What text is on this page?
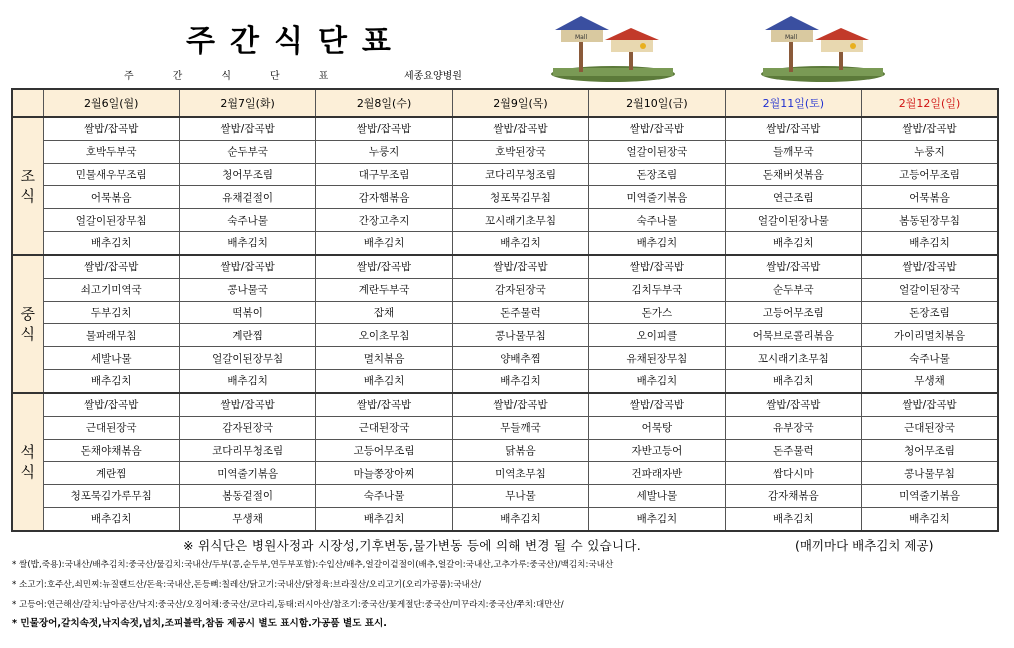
주간식단표
주간식단표	세종요양병원
Mall	Mall
	2월6일(월)	2월7일(화)	2월8일(수)	2월9일(목)	2월10일(금)	2월11일(토)	2월12일(일)

조
식	쌀밥/잡곡밥	쌀밥/잡곡밥	쌀밥/잡곡밥	쌀밥/잡곡밥	쌀밥/잡곡밥	쌀밥/잡곡밥	쌀밥/잡곡밥
	호박두부국	순두부국	누룽지	호박된장국	얼갈이된장국	들깨무국	누룽지
	민물새우무조림	청어무조림	대구무조림	코다리무청조림	돈장조림	돈채버섯볶음	고등어무조림
	어묵볶음	유채겉절이	감자햄볶음	청포묵김무침	미역줄기볶음	연근조림	어묵볶음
	얼갈이된장무침	숙주나물	간장고추지	꼬시래기초무침	숙주나물	얼갈이된장나물	봄동된장무침
	배추김치	배추김치	배추김치	배추김치	배추김치	배추김치	배추김치

중
식	쌀밥/잡곡밥	쌀밥/잡곡밥	쌀밥/잡곡밥	쌀밥/잡곡밥	쌀밥/잡곡밥	쌀밥/잡곡밥	쌀밥/잡곡밥
	쇠고기미역국	콩나물국	계란두부국	감자된장국	김치두부국	순두부국	얼갈이된장국
	두부김치	떡볶이	잡채	돈주물럭	돈가스	고등어무조림	돈장조림
	물파래무침	계란찜	오이초무침	콩나물무침	오이피클	어묵브로콜리볶음	가이리멸치볶음
	세발나물	얼갈이된장무침	멸치볶음	양배추찜	유채된장무침	꼬시래기초무침	숙주나물
	배추김치	배추김치	배추김치	배추김치	배추김치	배추김치	무생채

석
식	쌀밥/잡곡밥	쌀밥/잡곡밥	쌀밥/잡곡밥	쌀밥/잡곡밥	쌀밥/잡곡밥	쌀밥/잡곡밥	쌀밥/잡곡밥
	근대된장국	감자된장국	근대된장국	무들깨국	어묵탕	유부장국	근대된장국
	돈채야채볶음	코다리무청조림	고등어무조림	닭볶음	자반고등어	돈주물럭	청어무조림
	계란찜	미역줄기볶음	마늘쫑장아찌	미역초무침	건파래자반	쌈다시마	콩나물무침
	청포묵김가루무침	봄동겉절이	숙주나물	무나물	세발나물	감자채볶음	미역줄기볶음
	배추김치	무생채	배추김치	배추김치	배추김치	배추김치	배추김치
※ 위식단은 병원사정과 시장성,기후변동,물가변동 등에 의해 변경 될 수 있습니다.	(매끼마다 배추김치 제공)
* 쌀(밥,죽용):국내산/배추김치:중국산/물김치:국내산/두부(콩,순두부,연두부포함):수입산/배추,얼갈이겉절이(배추,얼갈이:국내산,고추가루:중국산)/백김치:국내산
* 소고기:호주산,쇠민찌:뉴질랜드산/돈육:국내산,돈등뼈:칠레산/닭고기:국내산/닭정육:브라질산/오리고기(오리가공품):국내산/
* 고등어:연근해산/갈치:남아공산/낙지:중국산/오징어채:중국산/코다리,동태:러시아산/참조기:중국산/꽃게절단:중국산/미꾸라지:중국산/쭈치:대만산/
* 민물장어,갈치속젓,낙지속젓,넙치,조피볼락,참돔 제공시 별도 표시함.가공품 별도 표시.
